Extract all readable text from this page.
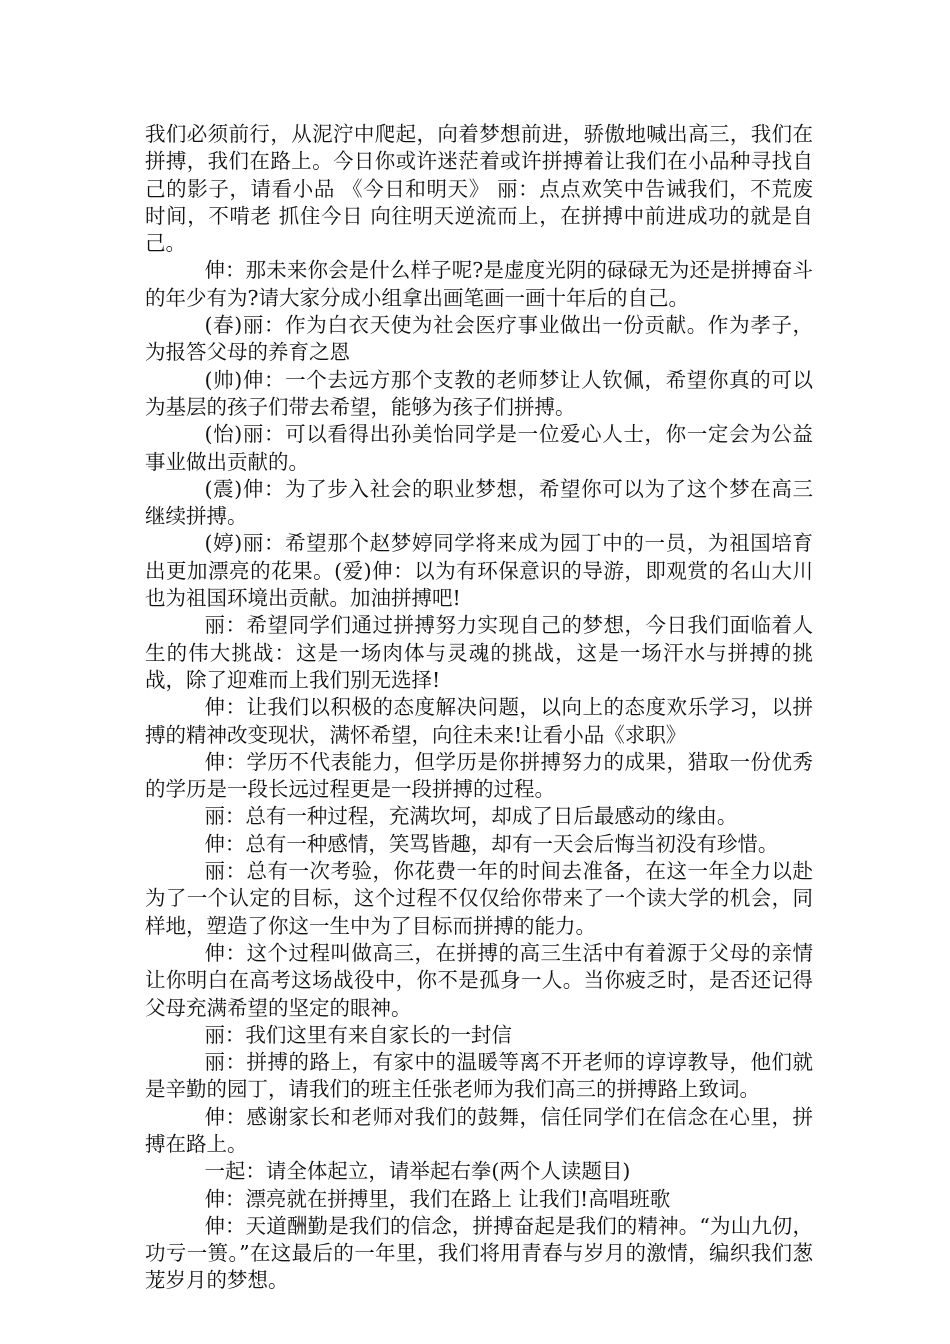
我们必须前行，从泥泞中爬起，向着梦想前进，骄傲地喊出高三，我们在拼搏，我们在路上。今日你或许迷茫着或许拼搏着让我们在小品种寻找自己的影子，请看小品 《今日和明天》 丽：点点欢笑中告诫我们，不荒废时间，不啃老 抓住今日 向往明天逆流而上，在拼搏中前进成功的就是自己。

伸：那未来你会是什么样子呢?是虚度光阴的碌碌无为还是拼搏奋斗的年少有为?请大家分成小组拿出画笔画一画十年后的自己。

(春)丽：作为白衣天使为社会医疗事业做出一份贡献。作为孝子，为报答父母的养育之恩

(帅)伸：一个去远方那个支教的老师梦让人钦佩，希望你真的可以为基层的孩子们带去希望，能够为孩子们拼搏。

(怡)丽：可以看得出孙美怡同学是一位爱心人士，你一定会为公益事业做出贡献的。

(震)伸：为了步入社会的职业梦想，希望你可以为了这个梦在高三继续拼搏。

(婷)丽：希望那个赵梦婷同学将来成为园丁中的一员，为祖国培育出更加漂亮的花果。(爱)伸：以为有环保意识的导游，即观赏的名山大川也为祖国环境出贡献。加油拼搏吧!

丽：希望同学们通过拼搏努力实现自己的梦想，今日我们面临着人生的伟大挑战：这是一场肉体与灵魂的挑战，这是一场汗水与拼搏的挑战，除了迎难而上我们别无选择!

伸：让我们以积极的态度解决问题，以向上的态度欢乐学习，以拼搏的精神改变现状，满怀希望，向往未来!让看小品《求职》

伸：学历不代表能力，但学历是你拼搏努力的成果，猎取一份优秀的学历是一段长远过程更是一段拼搏的过程。

丽：总有一种过程，充满坎坷，却成了日后最感动的缘由。

伸：总有一种感情，笑骂皆趣，却有一天会后悔当初没有珍惜。

丽：总有一次考验，你花费一年的时间去准备，在这一年全力以赴为了一个认定的目标，这个过程不仅仅给你带来了一个读大学的机会，同样地，塑造了你这一生中为了目标而拼搏的能力。

伸：这个过程叫做高三，在拼搏的高三生活中有着源于父母的亲情让你明白在高考这场战役中，你不是孤身一人。当你疲乏时，是否还记得父母充满希望的坚定的眼神。

丽：我们这里有来自家长的一封信

丽：拼搏的路上，有家中的温暖等离不开老师的谆谆教导，他们就是辛勤的园丁，请我们的班主任张老师为我们高三的拼搏路上致词。

伸：感谢家长和老师对我们的鼓舞，信任同学们在信念在心里，拼搏在路上。

一起：请全体起立，请举起右拳(两个人读题目)

伸：漂亮就在拼搏里，我们在路上 让我们!高唱班歌

伸：天道酬勤是我们的信念，拼搏奋起是我们的精神。“为山九仞，功亏一篑。”在这最后的一年里，我们将用青春与岁月的激情，编织我们葱茏岁月的梦想。
